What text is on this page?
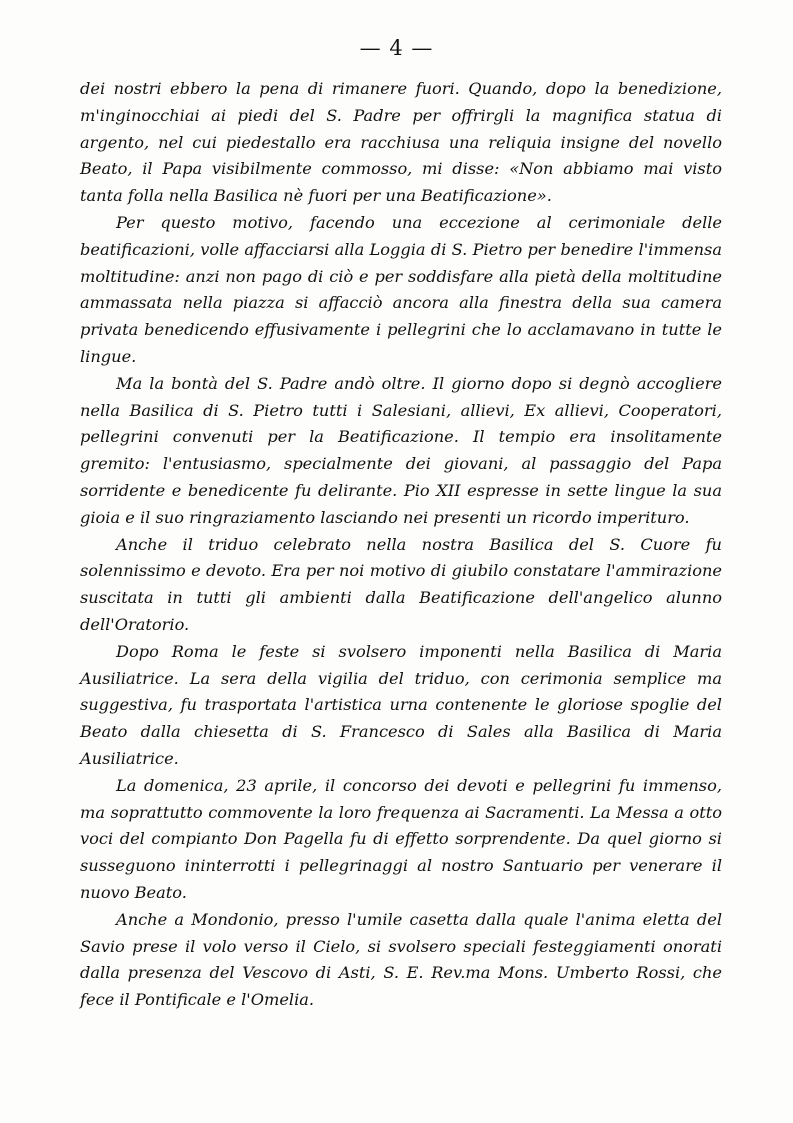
— 4 —

dei nostri ebbero la pena di rimanere fuori. Quando, dopo la benedizione, m'inginocchiai ai piedi del S. Padre per offrirgli la magnifica statua di argento, nel cui piedestallo era racchiusa una reliquia insigne del novello Beato, il Papa visibilmente commosso, mi disse: «Non abbiamo mai visto tanta folla nella Basilica nè fuori per una Beatificazione».

Per questo motivo, facendo una eccezione al cerimoniale delle beatificazioni, volle affacciarsi alla Loggia di S. Pietro per benedire l'immensa moltitudine: anzi non pago di ciò e per soddisfare alla pietà della moltitudine ammassata nella piazza si affacciò ancora alla finestra della sua camera privata benedicendo effusivamente i pellegrini che lo acclamavano in tutte le lingue.

Ma la bontà del S. Padre andò oltre. Il giorno dopo si degnò accogliere nella Basilica di S. Pietro tutti i Salesiani, allievi, Ex allievi, Cooperatori, pellegrini convenuti per la Beatificazione. Il tempio era insolitamente gremito: l'entusiasmo, specialmente dei giovani, al passaggio del Papa sorridente e benedicente fu delirante. Pio XII espresse in sette lingue la sua gioia e il suo ringraziamento lasciando nei presenti un ricordo imperituro.

Anche il triduo celebrato nella nostra Basilica del S. Cuore fu solennissimo e devoto. Era per noi motivo di giubilo constatare l'ammirazione suscitata in tutti gli ambienti dalla Beatificazione dell'angelico alunno dell'Oratorio.

Dopo Roma le feste si svolsero imponenti nella Basilica di Maria Ausiliatrice. La sera della vigilia del triduo, con cerimonia semplice ma suggestiva, fu trasportata l'artistica urna contenente le gloriose spoglie del Beato dalla chiesetta di S. Francesco di Sales alla Basilica di Maria Ausiliatrice.

La domenica, 23 aprile, il concorso dei devoti e pellegrini fu immenso, ma soprattutto commovente la loro frequenza ai Sacramenti. La Messa a otto voci del compianto Don Pagella fu di effetto sorprendente. Da quel giorno si susseguono ininterrotti i pellegrinaggi al nostro Santuario per venerare il nuovo Beato.

Anche a Mondonio, presso l'umile casetta dalla quale l'anima eletta del Savio prese il volo verso il Cielo, si svolsero speciali festeggiamenti onorati dalla presenza del Vescovo di Asti, S. E. Rev.ma Mons. Umberto Rossi, che fece il Pontificale e l'Omelia.
